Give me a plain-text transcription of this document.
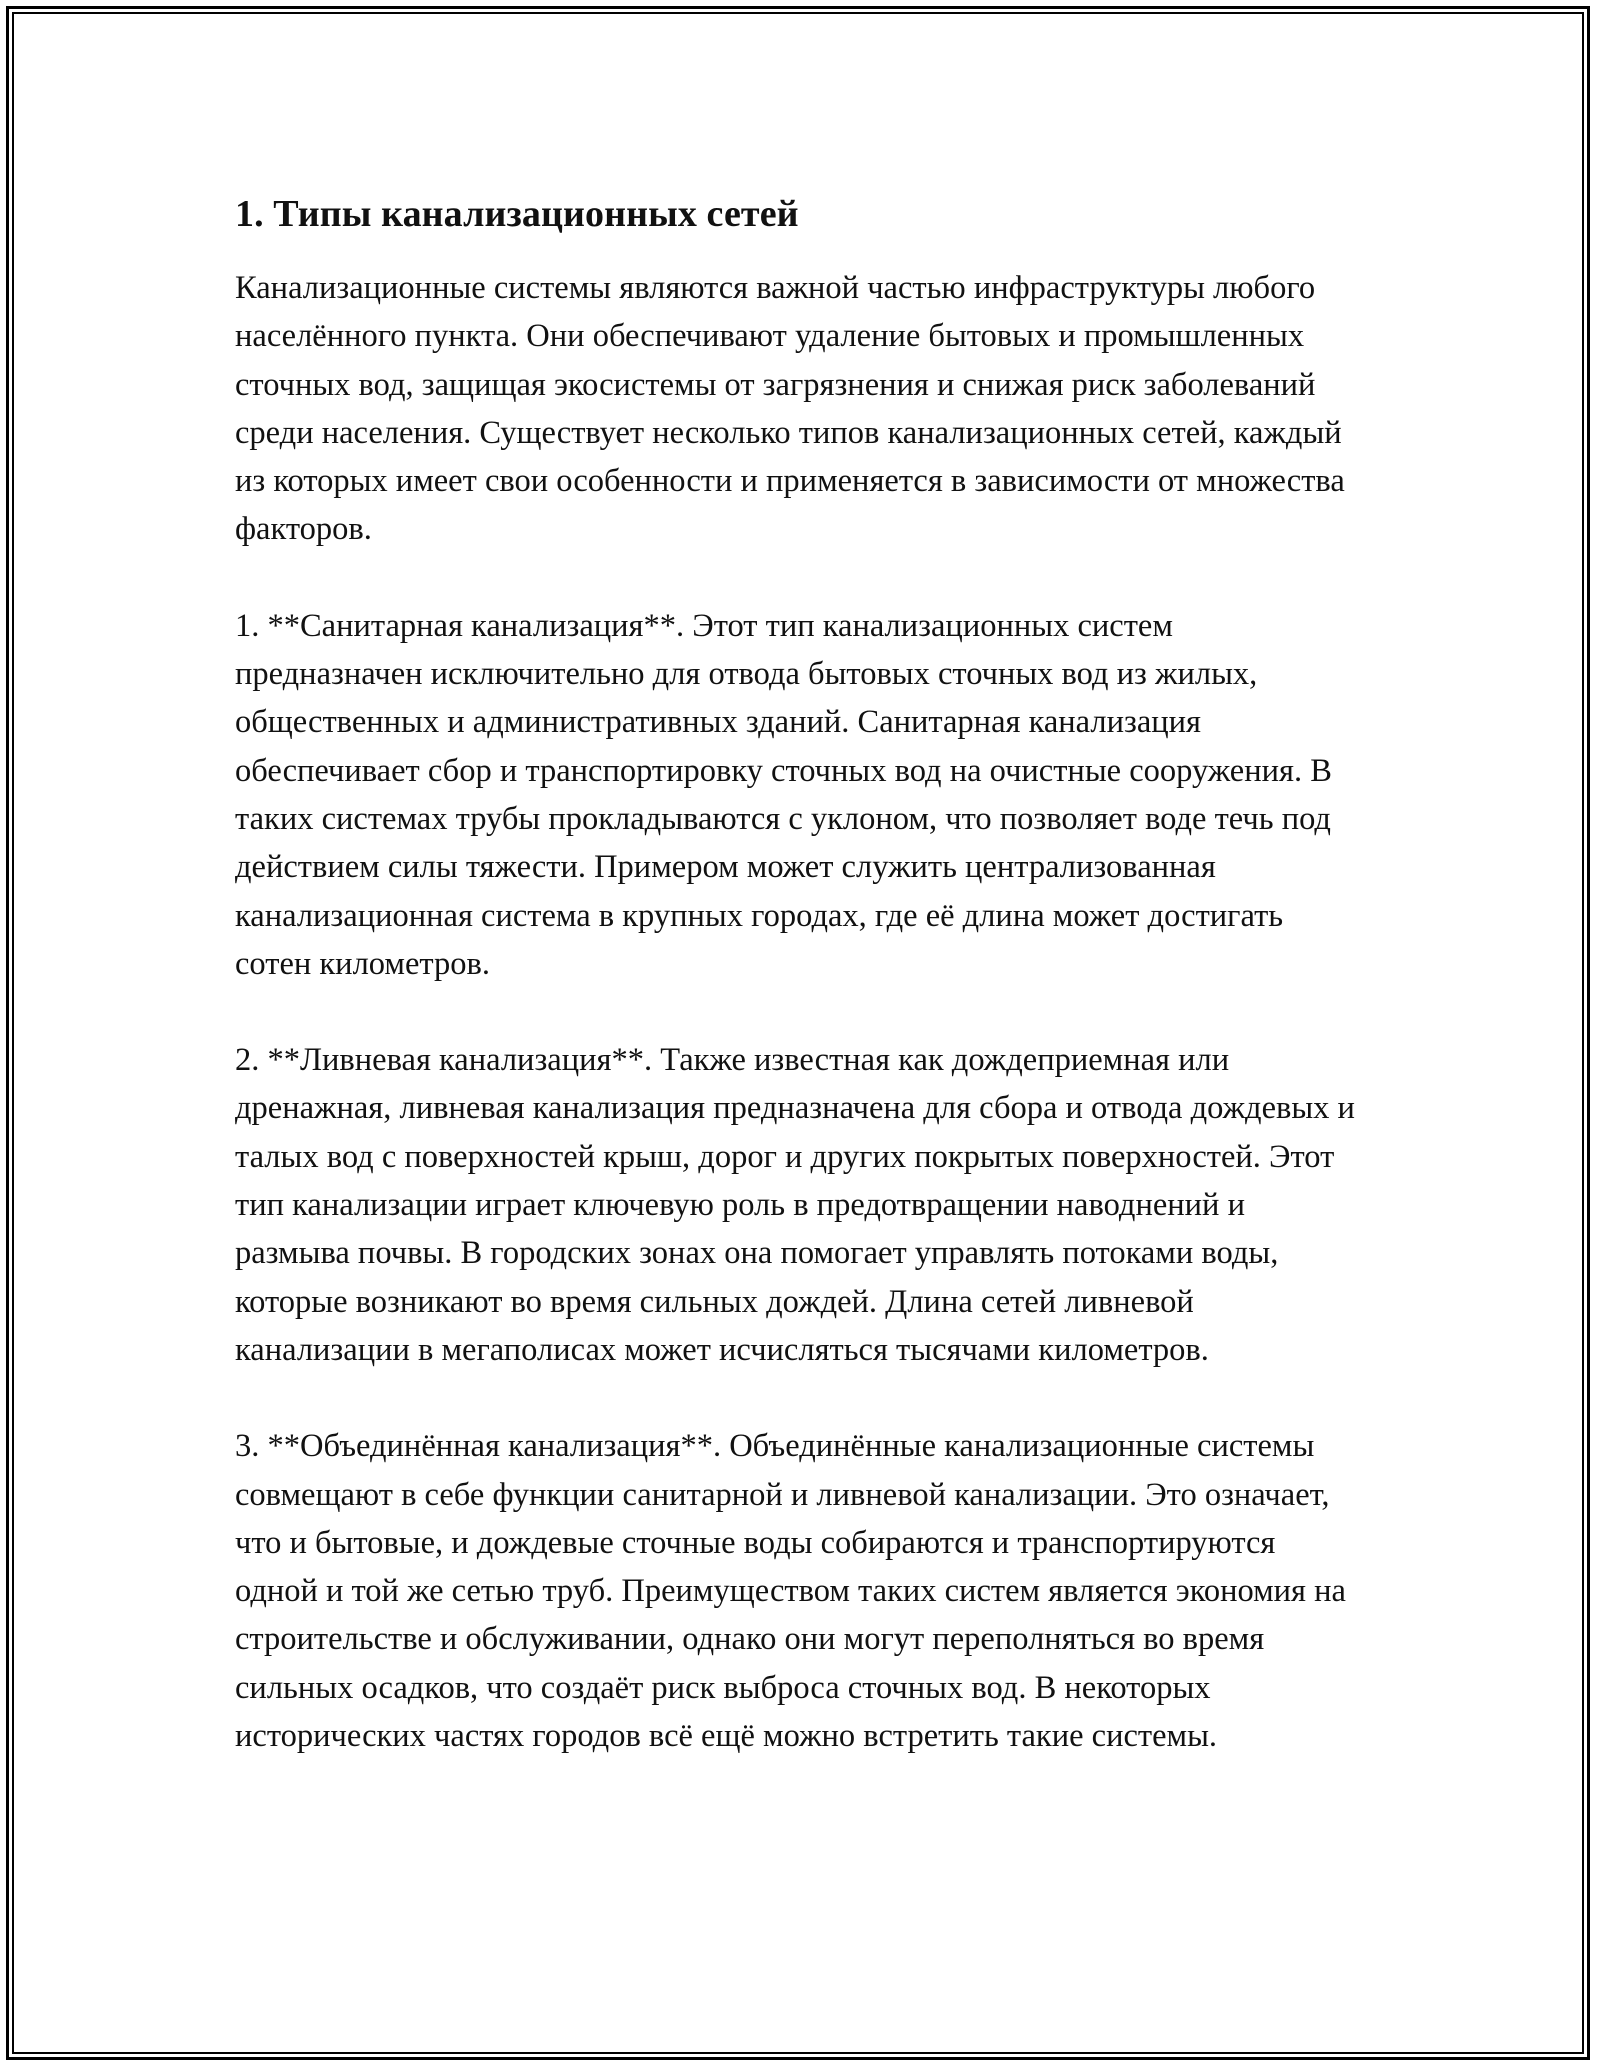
1. Типы канализационных сетей

Канализационные системы являются важной частью инфраструктуры любого населённого пункта. Они обеспечивают удаление бытовых и промышленных сточных вод, защищая экосистемы от загрязнения и снижая риск заболеваний среди населения. Существует несколько типов канализационных сетей, каждый из которых имеет свои особенности и применяется в зависимости от множества факторов.

1. **Санитарная канализация**. Этот тип канализационных систем предназначен исключительно для отвода бытовых сточных вод из жилых, общественных и административных зданий. Санитарная канализация обеспечивает сбор и транспортировку сточных вод на очистные сооружения. В таких системах трубы прокладываются с уклоном, что позволяет воде течь под действием силы тяжести. Примером может служить централизованная канализационная система в крупных городах, где её длина может достигать сотен километров.

2. **Ливневая канализация**. Также известная как дождеприемная или дренажная, ливневая канализация предназначена для сбора и отвода дождевых и талых вод с поверхностей крыш, дорог и других покрытых поверхностей. Этот тип канализации играет ключевую роль в предотвращении наводнений и размыва почвы. В городских зонах она помогает управлять потоками воды, которые возникают во время сильных дождей. Длина сетей ливневой канализации в мегаполисах может исчисляться тысячами километров.

3. **Объединённая канализация**. Объединённые канализационные системы совмещают в себе функции санитарной и ливневой канализации. Это означает, что и бытовые, и дождевые сточные воды собираются и транспортируются одной и той же сетью труб. Преимуществом таких систем является экономия на строительстве и обслуживании, однако они могут переполняться во время сильных осадков, что создаёт риск выброса сточных вод. В некоторых исторических частях городов всё ещё можно встретить такие системы.
